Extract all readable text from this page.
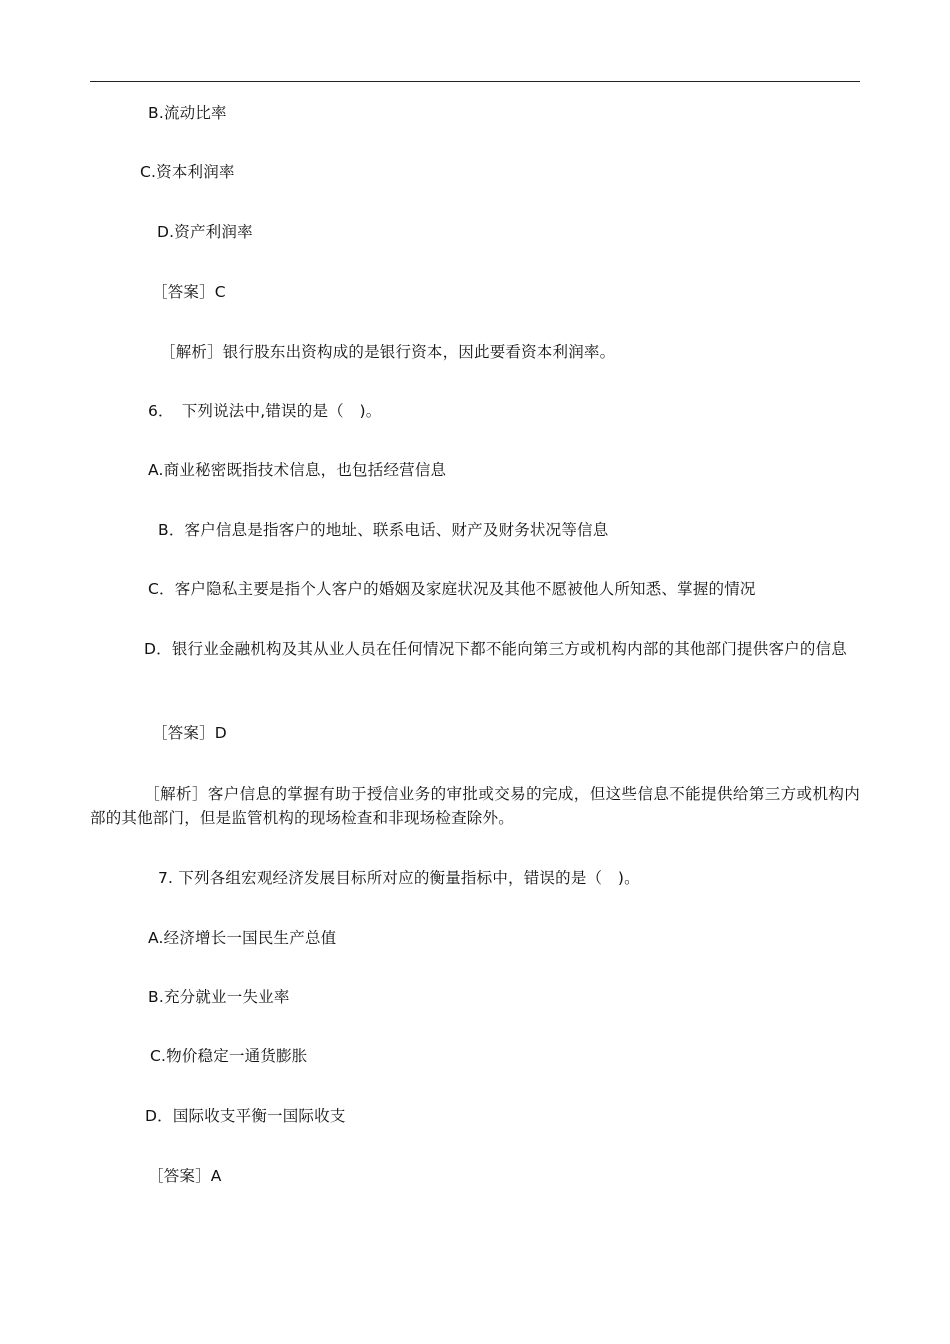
B.流动比率
C.资本利润率
D.资产利润率
［答案］C
［解析］银行股东出资构成的是银行资本，因此要看资本利润率。
6．　下列说法中,错误的是（　)。
A.商业秘密既指技术信息，也包括经营信息
B．客户信息是指客户的地址、联系电话、财产及财务状况等信息
C．客户隐私主要是指个人客户的婚姻及家庭状况及其他不愿被他人所知悉、掌握的情况
D．银行业金融机构及其从业人员在任何情况下都不能向第三方或机构内部的其他部门提供客户的信息
［答案］D
［解析］客户信息的掌握有助于授信业务的审批或交易的完成，但这些信息不能提供给第三方或机构内部的其他部门，但是监管机构的现场检查和非现场检查除外。
7. 下列各组宏观经济发展目标所对应的衡量指标中，错误的是（　)。
A.经济增长一国民生产总值
B.充分就业一失业率
C.物价稳定一通货膨胀
D．国际收支平衡一国际收支
［答案］A
